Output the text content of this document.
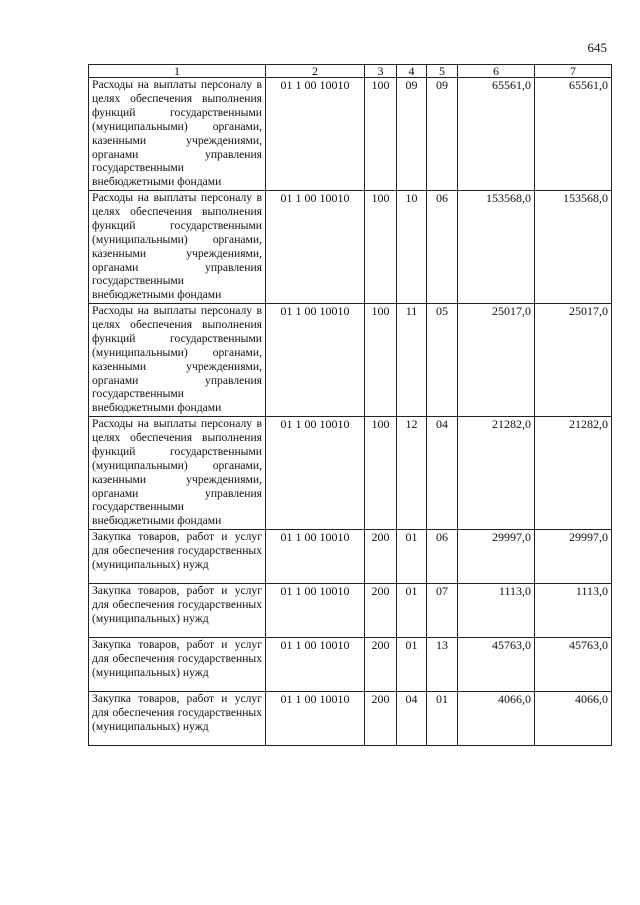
645
1	2	3	4	5	6	7
Расходы на выплаты персоналу в целях обеспечения выполнения функций государственными (муниципальными) органами, казенными учреждениями, органами управления государственными внебюджетными фондами	01 1 00 10010	100	09	09	65561,0	65561,0
Расходы на выплаты персоналу в целях обеспечения выполнения функций государственными (муниципальными) органами, казенными учреждениями, органами управления государственными внебюджетными фондами	01 1 00 10010	100	10	06	153568,0	153568,0
Расходы на выплаты персоналу в целях обеспечения выполнения функций государственными (муниципальными) органами, казенными учреждениями, органами управления государственными внебюджетными фондами	01 1 00 10010	100	11	05	25017,0	25017,0
Расходы на выплаты персоналу в целях обеспечения выполнения функций государственными (муниципальными) органами, казенными учреждениями, органами управления государственными внебюджетными фондами	01 1 00 10010	100	12	04	21282,0	21282,0
Закупка товаров, работ и услуг для обеспечения государственных (муниципальных) нужд	01 1 00 10010	200	01	06	29997,0	29997,0
Закупка товаров, работ и услуг для обеспечения государственных (муниципальных) нужд	01 1 00 10010	200	01	07	1113,0	1113,0
Закупка товаров, работ и услуг для обеспечения государственных (муниципальных) нужд	01 1 00 10010	200	01	13	45763,0	45763,0
Закупка товаров, работ и услуг для обеспечения государственных (муниципальных) нужд	01 1 00 10010	200	04	01	4066,0	4066,0
